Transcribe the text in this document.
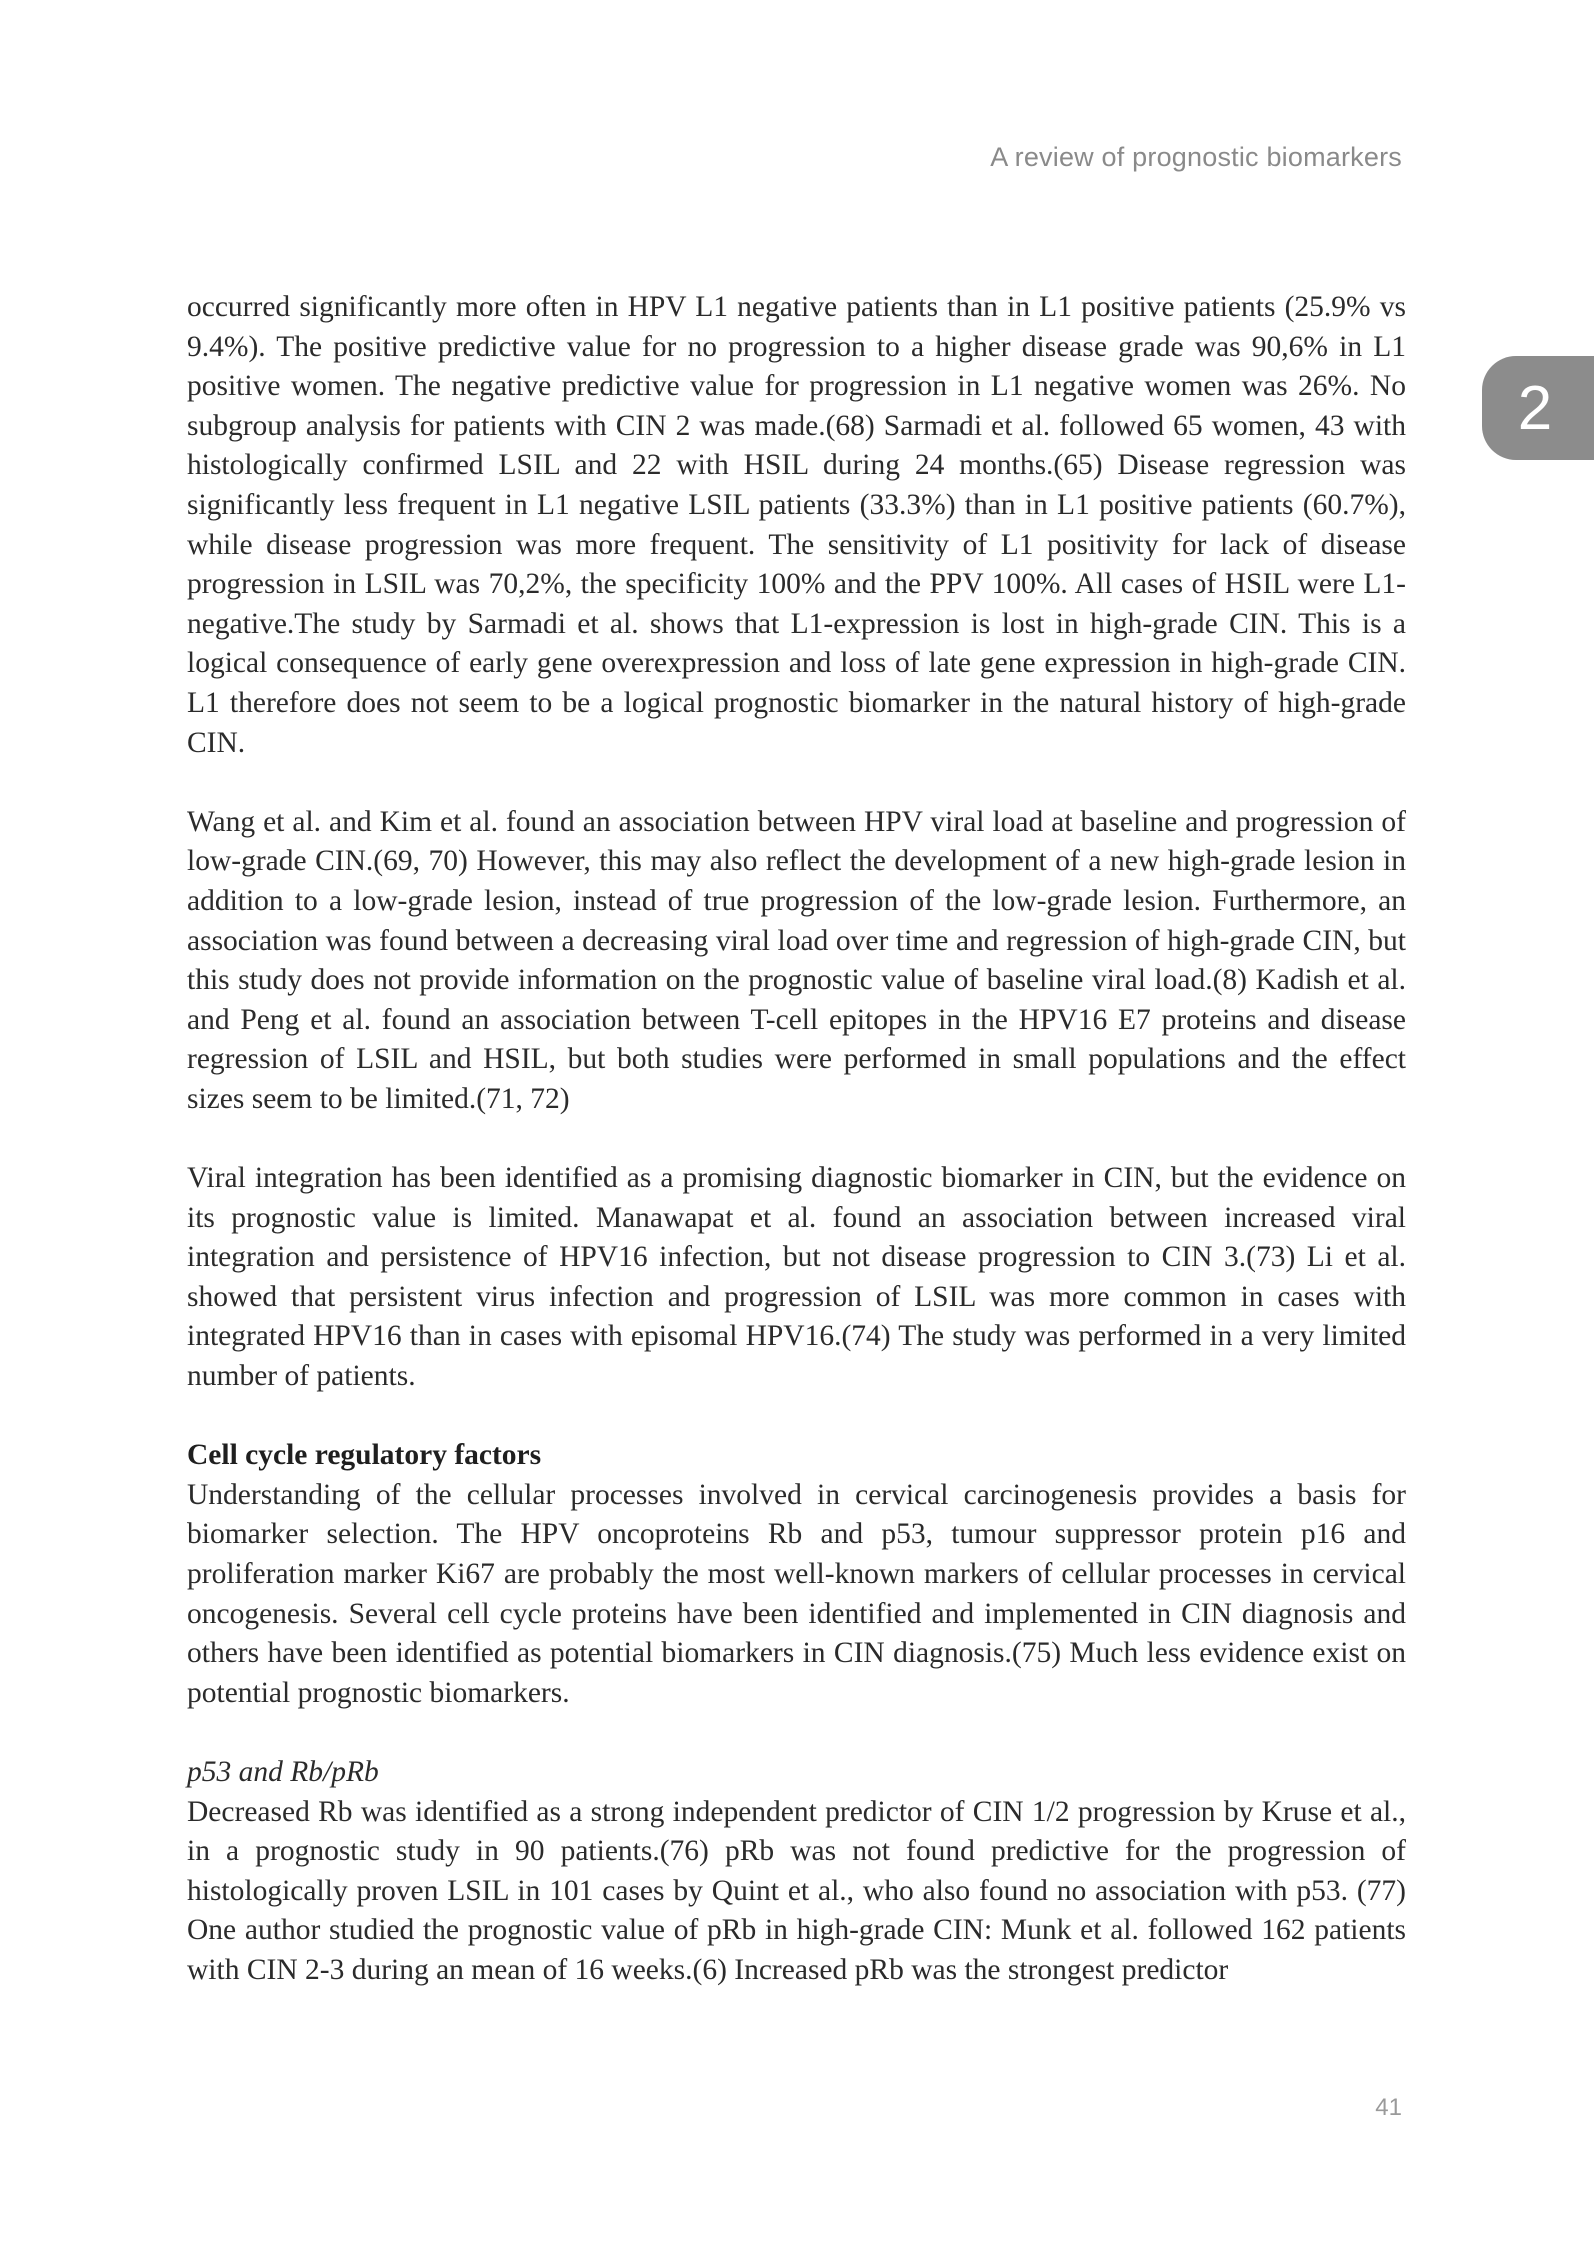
A review of prognostic biomarkers
2

occurred significantly more often in HPV L1 negative patients than in L1 positive patients (25.9% vs 9.4%). The positive predictive value for no progression to a higher disease grade was 90,6% in L1 positive women. The negative predictive value for progression in L1 negative women was 26%. No subgroup analysis for patients with CIN 2 was made.(68) Sarmadi et al. followed 65 women, 43 with histologically confirmed LSIL and 22 with HSIL during 24 months.(65) Disease regression was significantly less frequent in L1 negative LSIL patients (33.3%) than in L1 positive patients (60.7%), while disease progression was more frequent. The sensitivity of L1 positivity for lack of disease progression in LSIL was 70,2%, the specificity 100% and the PPV 100%. All cases of HSIL were L1-negative.The study by Sarmadi et al. shows that L1-expression is lost in high-grade CIN. This is a logical consequence of early gene overexpression and loss of late gene expression in high-grade CIN. L1 therefore does not seem to be a logical prognostic biomarker in the natural history of high-grade CIN.

Wang et al. and Kim et al. found an association between HPV viral load at baseline and progression of low-grade CIN.(69, 70) However, this may also reflect the development of a new high-grade lesion in addition to a low-grade lesion, instead of true progression of the low-grade lesion. Furthermore, an association was found between a decreasing viral load over time and regression of high-grade CIN, but this study does not provide information on the prognostic value of baseline viral load.(8) Kadish et al. and Peng et al. found an association between T-cell epitopes in the HPV16 E7 proteins and disease regression of LSIL and HSIL, but both studies were performed in small populations and the effect sizes seem to be limited.(71, 72)

Viral integration has been identified as a promising diagnostic biomarker in CIN, but the evidence on its prognostic value is limited. Manawapat et al. found an association between increased viral integration and persistence of HPV16 infection, but not disease progression to CIN 3.(73) Li et al. showed that persistent virus infection and progression of LSIL was more common in cases with integrated HPV16 than in cases with episomal HPV16.(74) The study was performed in a very limited number of patients.

Cell cycle regulatory factors

Understanding of the cellular processes involved in cervical carcinogenesis provides a basis for biomarker selection. The HPV oncoproteins Rb and p53, tumour suppressor protein p16 and proliferation marker Ki67 are probably the most well-known markers of cellular processes in cervical oncogenesis. Several cell cycle proteins have been identified and implemented in CIN diagnosis and others have been identified as potential biomarkers in CIN diagnosis.(75) Much less evidence exist on potential prognostic biomarkers.

p53 and Rb/pRb

Decreased Rb was identified as a strong independent predictor of CIN 1/2 progression by Kruse et al., in a prognostic study in 90 patients.(76) pRb was not found predictive for the progression of histologically proven LSIL in 101 cases by Quint et al., who also found no association with p53. (77) One author studied the prognostic value of pRb in high-grade CIN: Munk et al. followed 162 patients with CIN 2-3 during an mean of 16 weeks.(6) Increased pRb was the strongest predictor

41
